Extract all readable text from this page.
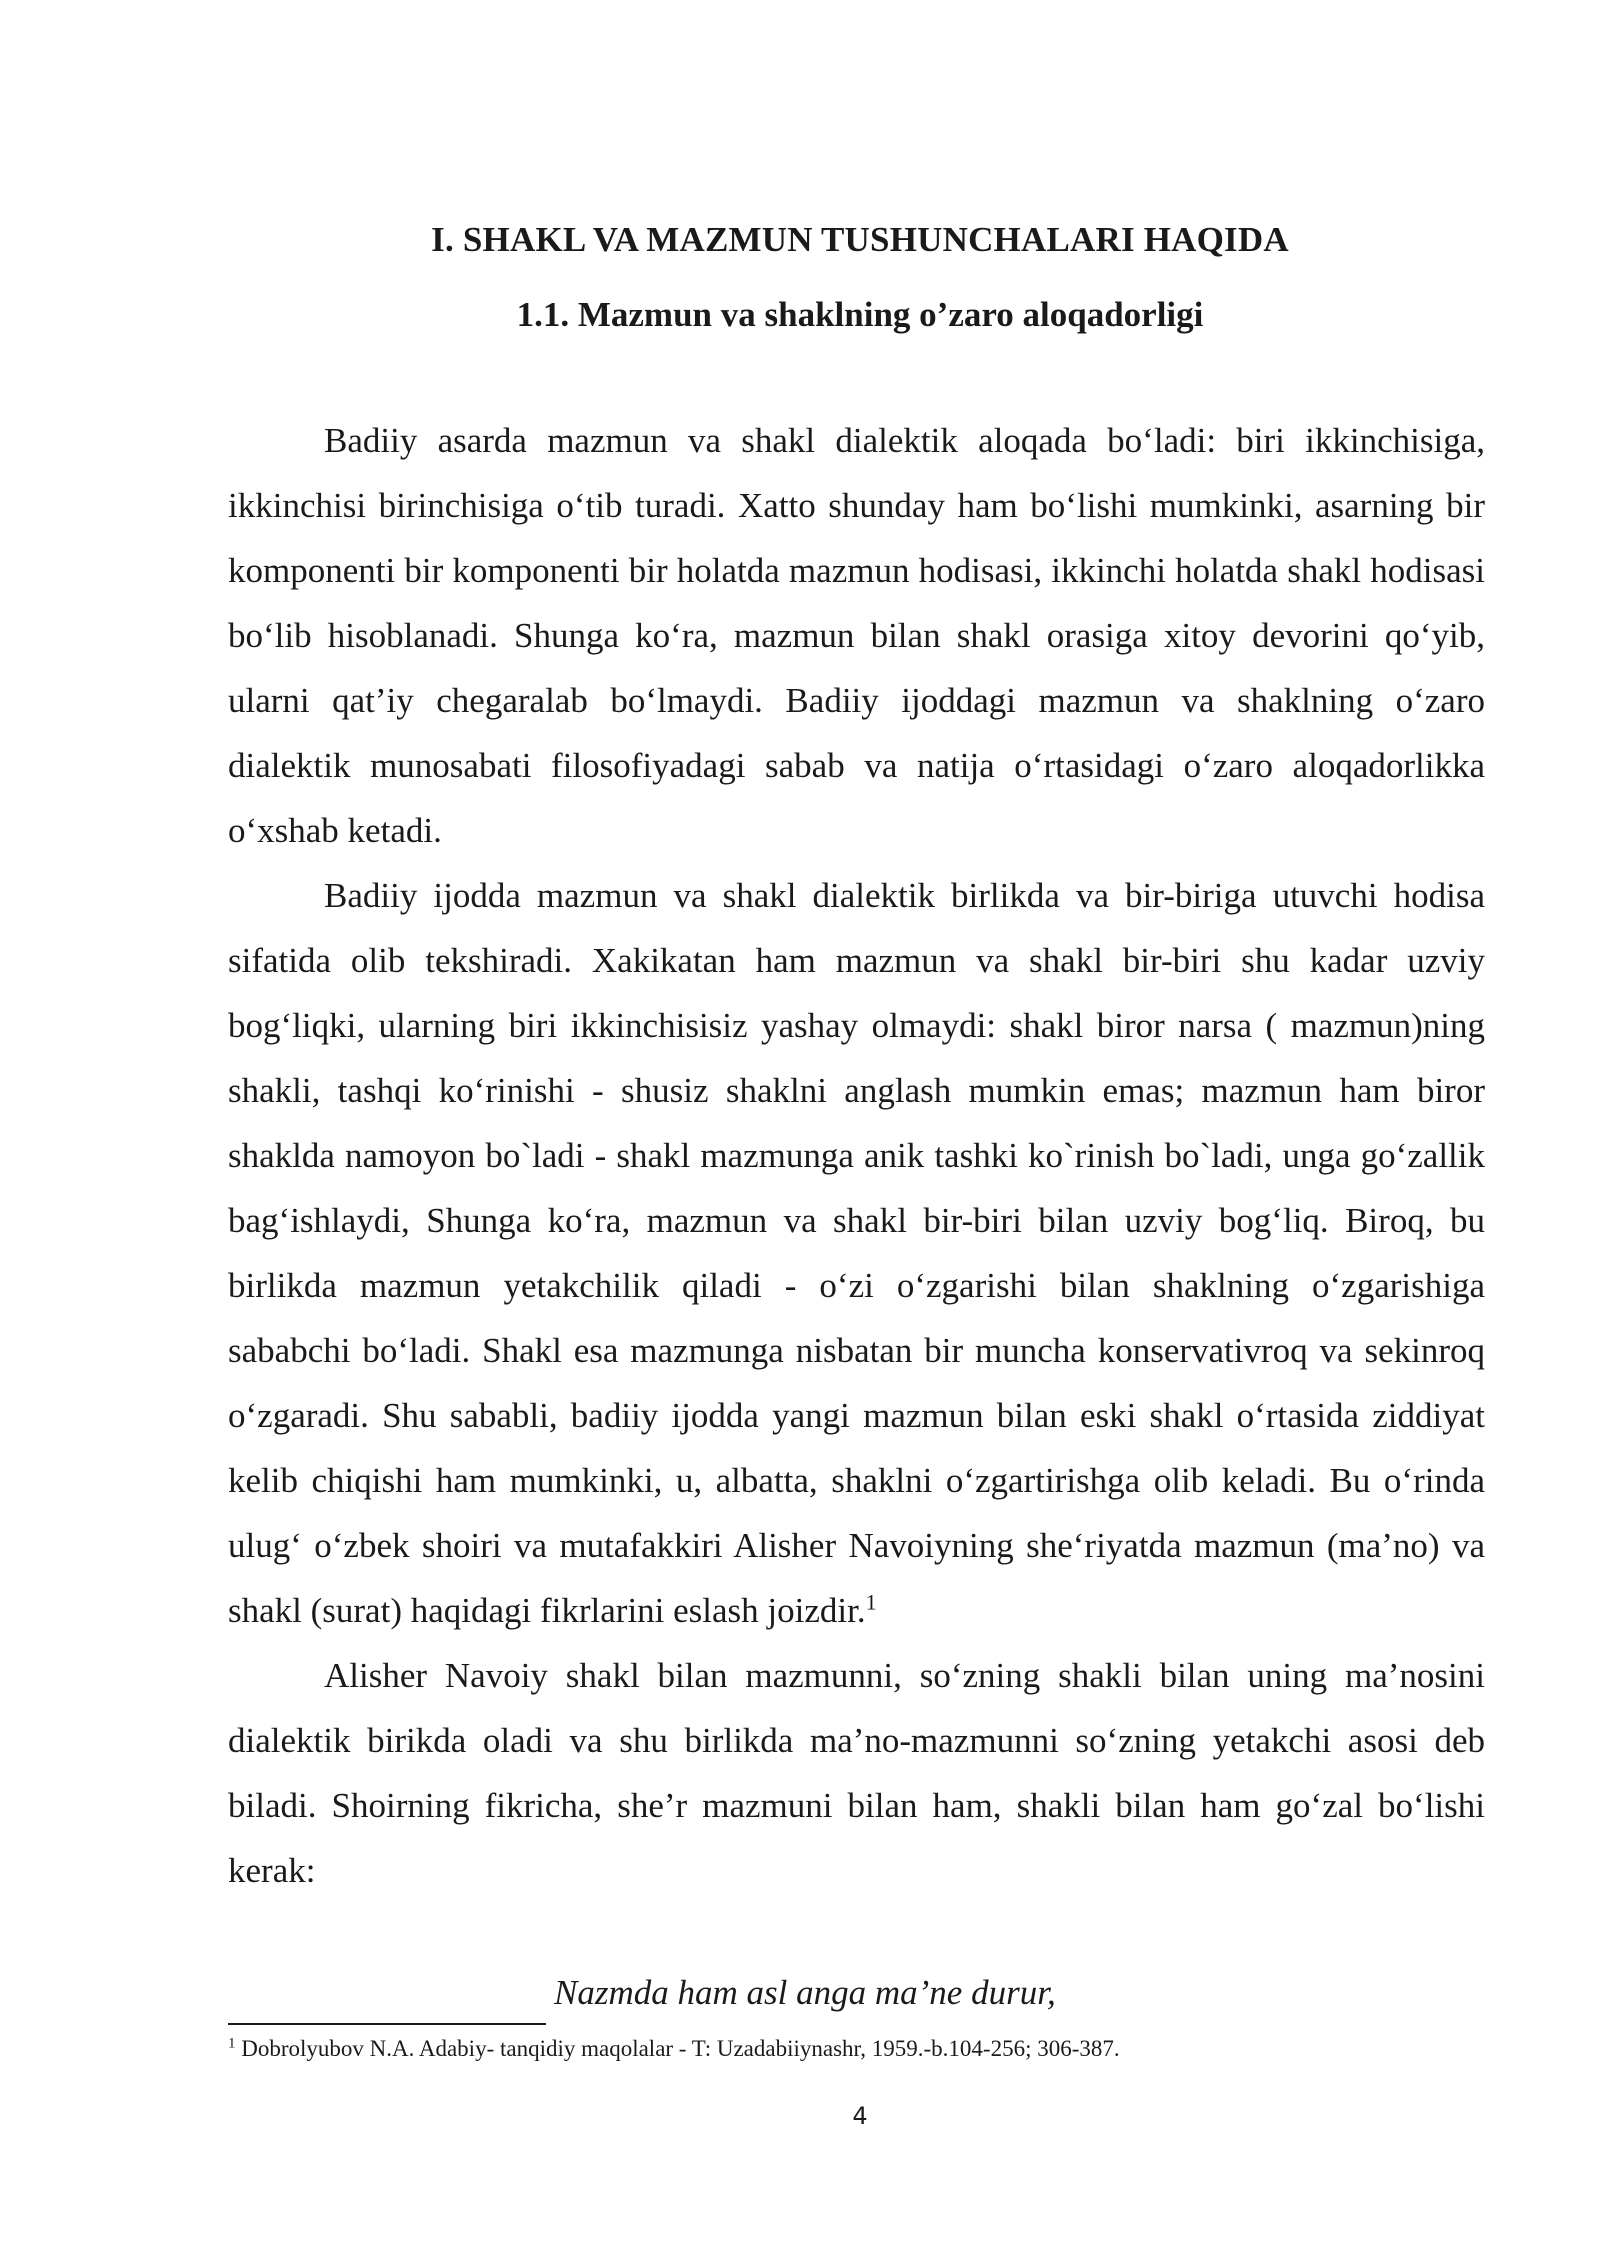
I. SHAKL VA MAZMUN TUSHUNCHALARI HAQIDA
1.1. Mazmun va shaklning o’zaro aloqadorligi

Badiiy asarda mazmun va shakl dialektik aloqada bo‘ladi: biri ikkinchisiga, ikkinchisi birinchisiga o‘tib turadi. Xatto shunday ham bo‘lishi mumkinki, asarning bir komponenti bir komponenti bir holatda mazmun hodisasi, ikkinchi holatda shakl hodisasi bo‘lib hisoblanadi. Shunga ko‘ra, mazmun bilan shakl orasiga xitoy devorini qo‘yib, ularni qat’iy chegaralab bo‘lmaydi. Badiiy ijoddagi mazmun va shaklning o‘zaro dialektik munosabati filosofiyadagi sabab va natija o‘rtasidagi o‘zaro aloqadorlikka o‘xshab ketadi.

Badiiy ijodda mazmun va shakl dialektik birlikda va bir-biriga utuvchi hodisa sifatida olib tekshiradi. Xakikatan ham mazmun va shakl bir-biri shu kadar uzviy bog‘liqki, ularning biri ikkinchisisiz yashay olmaydi: shakl biror narsa ( mazmun)ning shakli, tashqi ko‘rinishi - shusiz shaklni anglash mumkin emas; mazmun ham biror shaklda namoyon bo`ladi - shakl mazmunga anik tashki ko`rinish bo`ladi, unga go‘zallik bag‘ishlaydi, Shunga ko‘ra, mazmun va shakl bir-biri bilan uzviy bog‘liq. Biroq, bu birlikda mazmun yetakchilik qiladi - o‘zi o‘zgarishi bilan shaklning o‘zgarishiga sababchi bo‘ladi. Shakl esa mazmunga nisbatan bir muncha konservativroq va sekinroq o‘zgaradi. Shu sababli, badiiy ijodda yangi mazmun bilan eski shakl o‘rtasida ziddiyat kelib chiqishi ham mumkinki, u, albatta, shaklni o‘zgartirishga olib keladi. Bu o‘rinda ulug‘ o‘zbek shoiri va mutafakkiri Alisher Navoiyning she‘riyatda mazmun (ma’no) va shakl (surat) haqidagi fikrlarini eslash joizdir.$^1$

Alisher Navoiy shakl bilan mazmunni, so‘zning shakli bilan uning ma’nosini dialektik birikda oladi va shu birlikda ma’no-mazmunni so‘zning yetakchi asosi deb biladi. Shoirning fikricha, she’r mazmuni bilan ham, shakli bilan ham go‘zal bo‘lishi kerak:

Nazmda ham asl anga ma’ne durur,

$^1$ Dobrolyubov N.A. Adabiy- tanqidiy maqolalar - T: Uzadabiiynashr, 1959.-b.104-256; 306-387.

4
